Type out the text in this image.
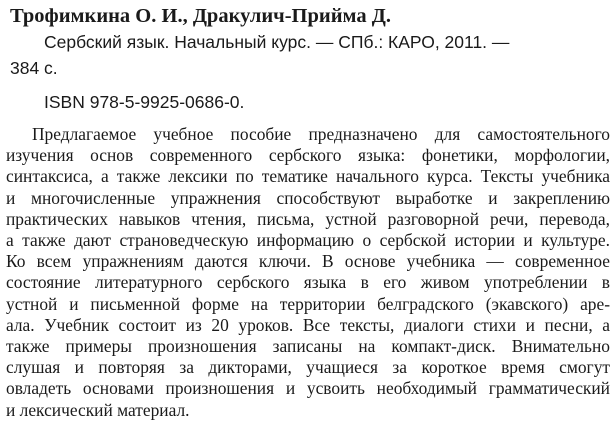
Трофимкина О. И., Дракулич-Прийма Д.
Сербский язык. Начальный курс. — СПб.: КАРО, 2011. —
384 с.
ISBN 978-5-9925-0686-0.
Предлагаемое учебное пособие предназначено для самостоятельного
изучения основ современного сербского языка: фонетики, морфологии,
синтаксиса, а также лексики по тематике начального курса. Тексты учебника
и многочисленные упражнения способствуют выработке и закреплению
практических навыков чтения, письма, устной разговорной речи, перевода,
а также дают страноведческую информацию о сербской истории и культуре.
Ко всем упражнениям даются ключи. В основе учебника — современное
состояние литературного сербского языка в его живом употреблении в
устной и письменной форме на территории белградского (экавского) аре-
ала. Учебник состоит из 20 уроков. Все тексты, диалоги стихи и песни, а
также примеры произношения записаны на компакт-диск. Внимательно
слушая и повторяя за дикторами, учащиеся за короткое время смогут
овладеть основами произношения и усвоить необходимый грамматический
и лексический материал.
